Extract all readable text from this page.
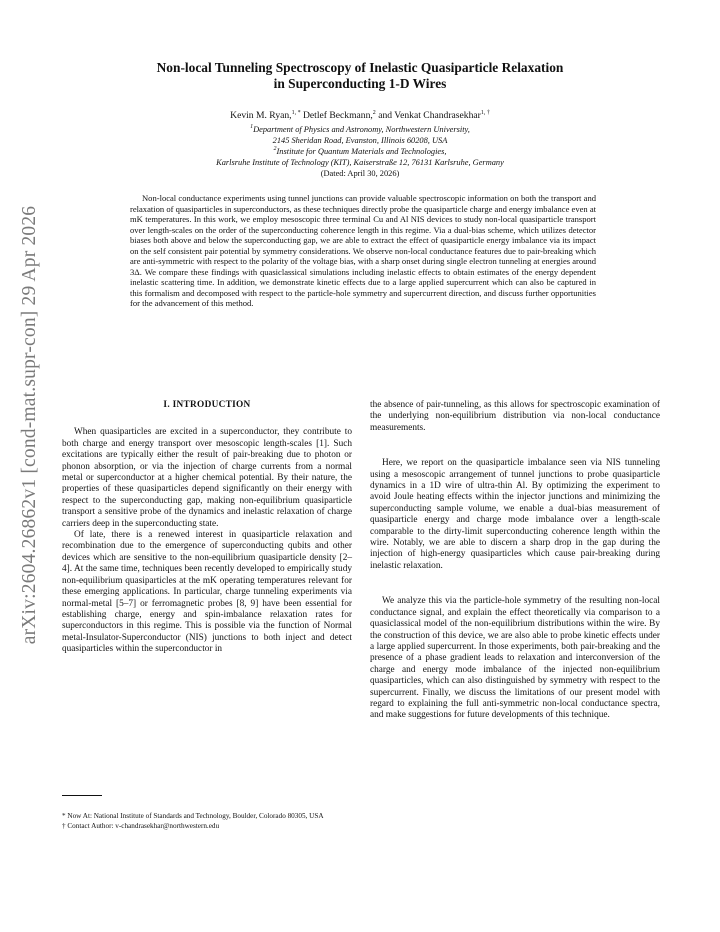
arXiv:2604.26862v1 [cond-mat.supr-con] 29 Apr 2026
Non-local Tunneling Spectroscopy of Inelastic Quasiparticle Relaxation
in Superconducting 1-D Wires
Kevin M. Ryan,$^{1, *}$ Detlef Beckmann,$^2$ and Venkat Chandrasekhar$^{1, \dagger}$
$^1$Department of Physics and Astronomy, Northwestern University,
2145 Sheridan Road, Evanston, Illinois 60208, USA
$^2$Institute for Quantum Materials and Technologies,
Karlsruhe Institute of Technology (KIT), Kaiserstraße 12, 76131 Karlsruhe, Germany
(Dated: April 30, 2026)
Non-local conductance experiments using tunnel junctions can provide valuable spectroscopic information on both the transport and relaxation of quasiparticles in superconductors, as these techniques directly probe the quasiparticle charge and energy imbalance even at mK temperatures. In this work, we employ mesoscopic three terminal Cu and Al NIS devices to study non-local quasiparticle transport over length-scales on the order of the superconducting coherence length in this regime. Via a dual-bias scheme, which utilizes detector biases both above and below the superconducting gap, we are able to extract the effect of quasiparticle energy imbalance via its impact on the self consistent pair potential by symmetry considerations. We observe non-local conductance features due to pair-breaking which are anti-symmetric with respect to the polarity of the voltage bias, with a sharp onset during single electron tunneling at energies around 3Δ. We compare these findings with quasiclassical simulations including inelastic effects to obtain estimates of the energy dependent inelastic scattering time. In addition, we demonstrate kinetic effects due to a large applied supercurrent which can also be captured in this formalism and decomposed with respect to the particle-hole symmetry and supercurrent direction, and discuss further opportunities for the advancement of this method.
I. INTRODUCTION

When quasiparticles are excited in a superconductor, they contribute to both charge and energy transport over mesoscopic length-scales [1]. Such excitations are typically either the result of pair-breaking due to photon or phonon absorption, or via the injection of charge currents from a normal metal or superconductor at a higher chemical potential. By their nature, the properties of these quasiparticles depend significantly on their energy with respect to the superconducting gap, making non-equilibrium quasiparticle transport a sensitive probe of the dynamics and inelastic relaxation of charge carriers deep in the superconducting state.

Of late, there is a renewed interest in quasiparticle relaxation and recombination due to the emergence of superconducting qubits and other devices which are sensitive to the non-equilibrium quasiparticle density [2–4]. At the same time, techniques been recently developed to empirically study non-equilibrium quasiparticles at the mK operating temperatures relevant for these emerging applications. In particular, charge tunneling experiments via normal-metal [5–7] or ferromagnetic probes [8, 9] have been essential for establishing charge, energy and spin-imbalance relaxation rates for superconductors in this regime. This is possible via the function of Normal metal-Insulator-Superconductor (NIS) junctions to both inject and detect quasiparticles within the superconductor in

the absence of pair-tunneling, as this allows for spectroscopic examination of the underlying non-equilibrium distribution via non-local conductance measurements.

Here, we report on the quasiparticle imbalance seen via NIS tunneling using a mesoscopic arrangement of tunnel junctions to probe quasiparticle dynamics in a 1D wire of ultra-thin Al. By optimizing the experiment to avoid Joule heating effects within the injector junctions and minimizing the superconducting sample volume, we enable a dual-bias measurement of quasiparticle energy and charge mode imbalance over a length-scale comparable to the dirty-limit superconducting coherence length within the wire. Notably, we are able to discern a sharp drop in the gap during the injection of high-energy quasiparticles which cause pair-breaking during inelastic relaxation.

We analyze this via the particle-hole symmetry of the resulting non-local conductance signal, and explain the effect theoretically via comparison to a quasiclassical model of the non-equilibrium distributions within the wire. By the construction of this device, we are also able to probe kinetic effects under a large applied supercurrent. In those experiments, both pair-breaking and the presence of a phase gradient leads to relaxation and interconversion of the charge and energy mode imbalance of the injected non-equilibrium quasiparticles, which can also distinguished by symmetry with respect to the supercurrent. Finally, we discuss the limitations of our present model with regard to explaining the full anti-symmetric non-local conductance spectra, and make suggestions for future developments of this technique.

* Now At: National Institute of Standards and Technology, Boulder, Colorado 80305, USA
† Contact Author: v-chandrasekhar@northwestern.edu
